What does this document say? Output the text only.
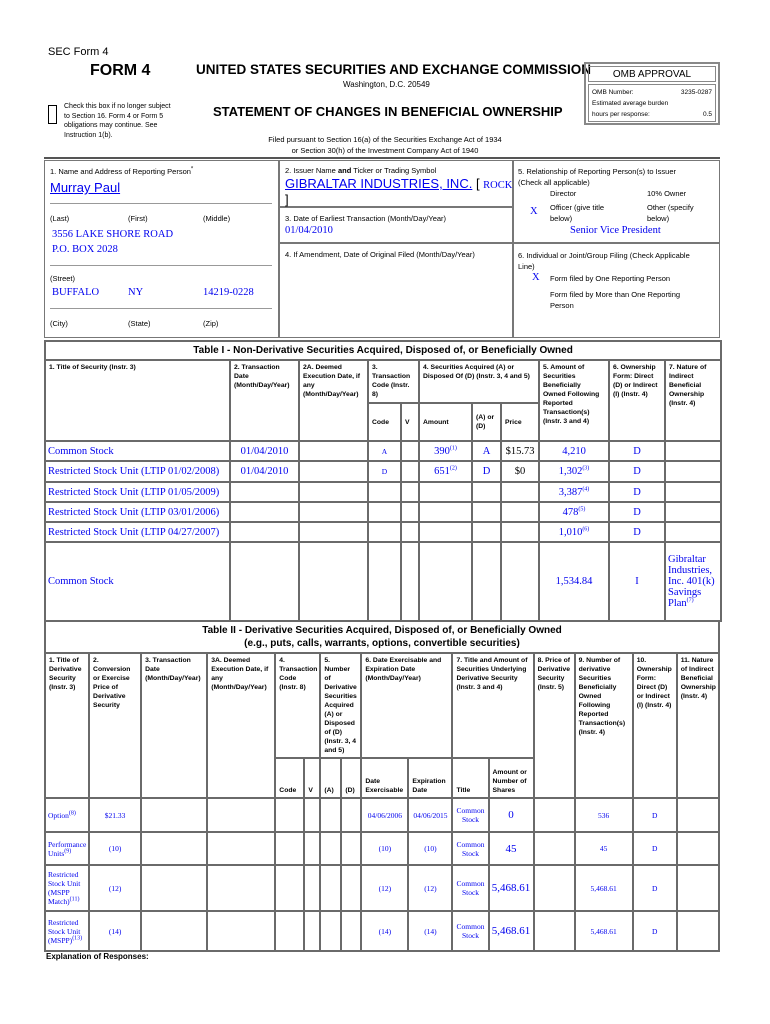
SEC Form 4
FORM 4	UNITED STATES SECURITIES AND EXCHANGE COMMISSION
Washington, D.C. 20549
Check this box if no longer subject
to Section 16. Form 4 or Form 5
obligations may continue. See
Instruction 1(b).
STATEMENT OF CHANGES IN BENEFICIAL OWNERSHIP
Filed pursuant to Section 16(a) of the Securities Exchange Act of 1934
or Section 30(h) of the Investment Company Act of 1940
OMB APPROVAL
OMB Number:	3235-0287
Estimated average burden
hours per response:	0.5
1. Name and Address of Reporting Person*
Murray Paul
(Last)	(First)	(Middle)
3556 LAKE SHORE ROAD
P.O. BOX 2028
(Street)
BUFFALO	NY	14219-0228
(City)	(State)	(Zip)
2. Issuer Name and Ticker or Trading Symbol
GIBRALTAR INDUSTRIES, INC. [ ROCK
]
3. Date of Earliest Transaction (Month/Day/Year)
01/04/2010
4. If Amendment, Date of Original Filed (Month/Day/Year)
5. Relationship of Reporting Person(s) to Issuer
(Check all applicable)
Director	10% Owner
X Officer (give title
below)
Other (specify
below)
Senior Vice President
6. Individual or Joint/Group Filing (Check Applicable
Line)
X Form filed by One Reporting Person
Form filed by More than One Reporting
Person
Table I - Non-Derivative Securities Acquired, Disposed of, or Beneficially Owned										
1. Title of Security (Instr. 3)	2. Transaction Date (Month/Day/Year)	2A. Deemed Execution Date, if any (Month/Day/Year)	3. Transaction Code (Instr. 8)		4. Securities Acquired (A) or Disposed Of (D) (Instr. 3, 4 and 5)			5. Amount of Securities Beneficially Owned Following Reported Transaction(s) (Instr. 3 and 4)	6. Ownership Form: Direct (D) or Indirect (I) (Instr. 4)	7. Nature of Indirect Beneficial Ownership (Instr. 4)
			Code	V	Amount	(A) or (D)	Price			
Common Stock	01/04/2010		A		390$^{(1)}$	A	$15.73	4,210	D	
Restricted Stock Unit (LTIP 01/02/2008)	01/04/2010		D		651$^{(2)}$	D	$0	1,302$^{(3)}$	D	
Restricted Stock Unit (LTIP 01/05/2009)								3,387$^{(4)}$	D	
Restricted Stock Unit (LTIP 03/01/2006)								478$^{(5)}$	D	
Restricted Stock Unit (LTIP 04/27/2007)								1,010$^{(6)}$	D	
Common Stock								1,534.84	I	Gibraltar Industries, Inc. 401(k) Savings Plan$^{(7)}$
Table II - Derivative Securities Acquired, Disposed of, or Beneficially Owned
(e.g., puts, calls, warrants, options, convertible securities)															

1. Title of Derivative Security (Instr. 3)	2. Conversion or Exercise Price of Derivative Security	3. Transaction Date (Month/Day/Year)	3A. Deemed Execution Date, if any (Month/Day/Year)	4. Transaction Code (Instr. 8)		5. Number of Derivative Securities Acquired (A) or Disposed of (D) (Instr. 3, 4 and 5)		6. Date Exercisable and Expiration Date (Month/Day/Year)		7. Title and Amount of Securities Underlying Derivative Security (Instr. 3 and 4)		8. Price of Derivative Security (Instr. 5)	9. Number of derivative Securities Beneficially Owned Following Reported Transaction(s) (Instr. 4)	10. Ownership Form: Direct (D) or Indirect (I) (Instr. 4)	11. Nature of Indirect Beneficial Ownership (Instr. 4)
				Code	V	(A)	(D)	Date Exercisable	Expiration Date	Title	Amount or Number of Shares				
Option$^{(8)}$	$21.33							04/06/2006	04/06/2015	Common Stock	0		536	D	
Performance Units$^{(9)}$	(10)							(10)	(10)	Common Stock	45		45	D	
Restricted Stock Unit (MSPP Match)$^{(11)}$	(12)							(12)	(12)	Common Stock	5,468.61		5,468.61	D	
Restricted Stock Unit (MSPP)$^{(13)}$	(14)							(14)	(14)	Common Stock	5,468.61		5,468.61	D	
Explanation of Responses:
